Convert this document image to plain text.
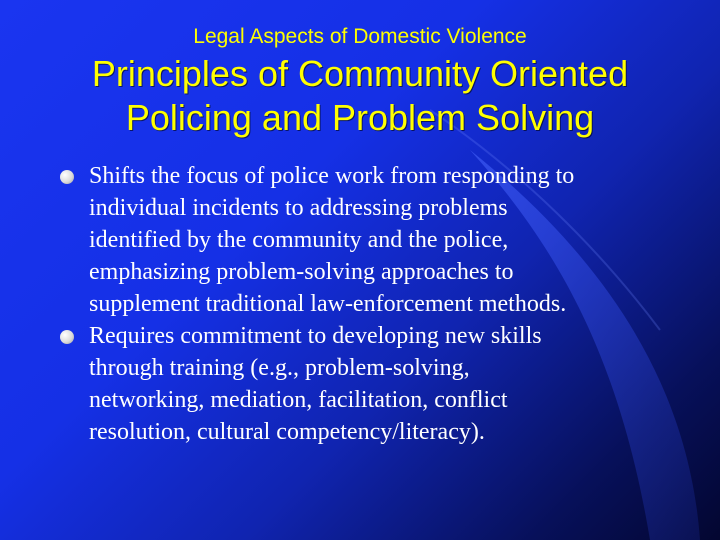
Legal Aspects of Domestic Violence
Principles of Community Oriented
Policing and Problem Solving
Shifts the focus of police work from responding to
individual incidents to addressing problems
identified by the community and the police,
emphasizing problem-solving approaches to
supplement traditional law-enforcement methods.
Requires commitment to developing new skills
through training (e.g., problem-solving,
networking, mediation, facilitation, conflict
resolution, cultural competency/literacy).
